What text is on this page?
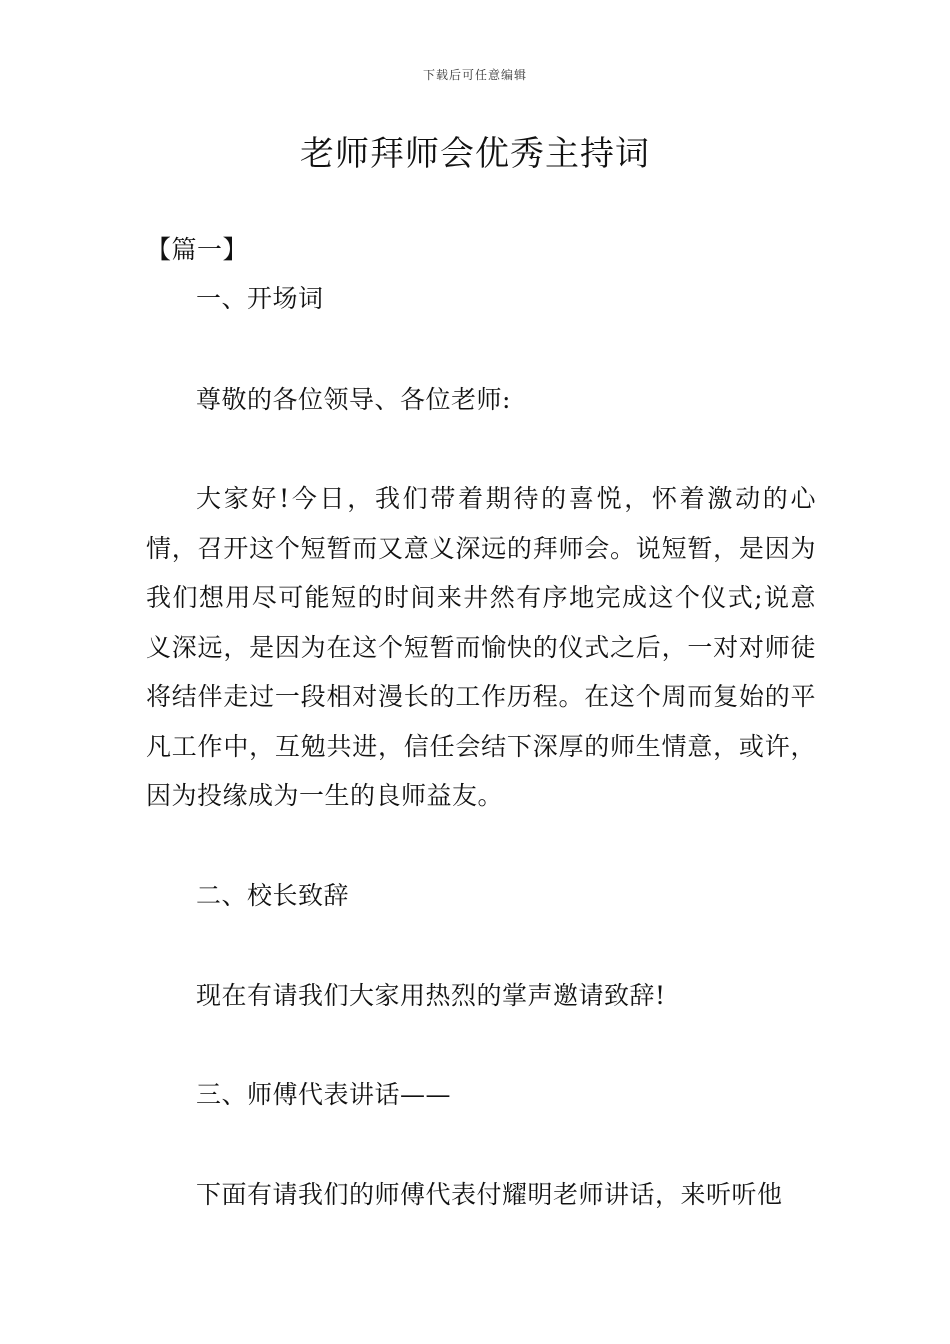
下载后可任意编辑
老师拜师会优秀主持词

【篇一】

一、开场词

尊敬的各位领导、各位老师:

大家好!今日，我们带着期待的喜悦，怀着激动的心情，召开这个短暂而又意义深远的拜师会。说短暂，是因为我们想用尽可能短的时间来井然有序地完成这个仪式;说意义深远，是因为在这个短暂而愉快的仪式之后，一对对师徒将结伴走过一段相对漫长的工作历程。在这个周而复始的平凡工作中，互勉共进，信任会结下深厚的师生情意，或许，因为投缘成为一生的良师益友。

二、校长致辞

现在有请我们大家用热烈的掌声邀请致辞!

三、师傅代表讲话——

下面有请我们的师傅代表付耀明老师讲话，来听听他
